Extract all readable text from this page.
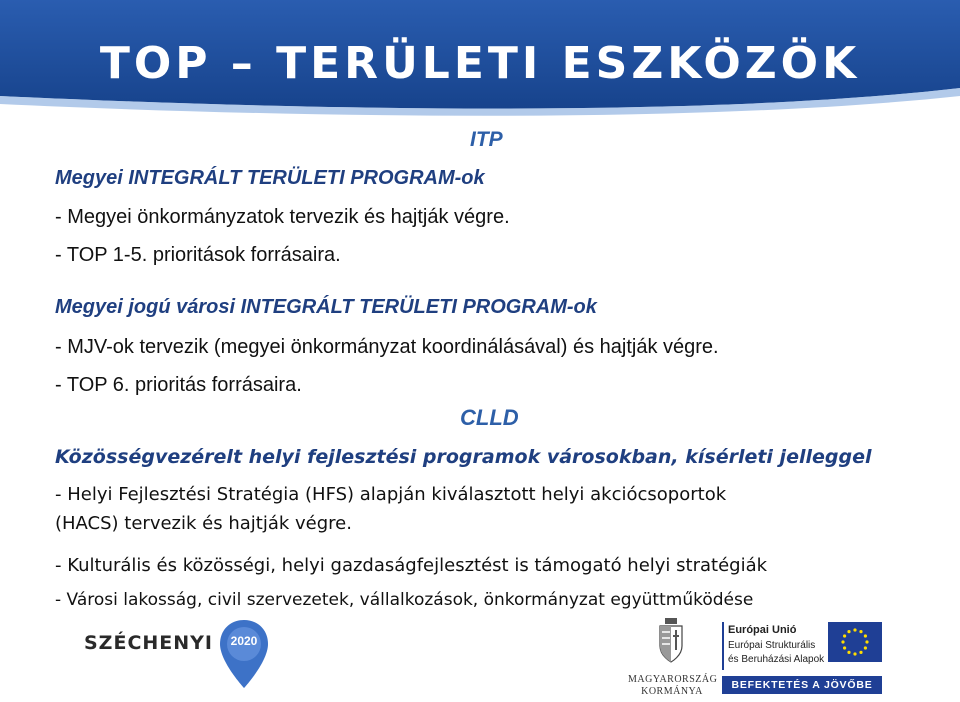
TOP – TERÜLETI ESZKÖZÖK
ITP
Megyei INTEGRÁLT TERÜLETI PROGRAM-ok
- Megyei önkormányzatok tervezik és hajtják végre.
- TOP 1-5. prioritások forrásaira.
Megyei jogú városi INTEGRÁLT TERÜLETI PROGRAM-ok
- MJV-ok tervezik (megyei önkormányzat koordinálásával) és hajtják végre.
- TOP 6. prioritás forrásaira.
CLLD
Közösségvezérelt helyi fejlesztési programok városokban, kísérleti jelleggel
- Helyi Fejlesztési Stratégia (HFS) alapján kiválasztott helyi akciócsoportok
(HACS) tervezik és hajtják végre.
- Kulturális és közösségi, helyi gazdaságfejlesztést is támogató helyi stratégiák
- Városi lakosság, civil szervezetek, vállalkozások, önkormányzat együttműködése
SZÉCHENYI	2020
MAGYARORSZÁG
KORMÁNYA
Európai Unió
Európai Strukturális
és Beruházási Alapok
BEFEKTETÉS A JÖVŐBE
